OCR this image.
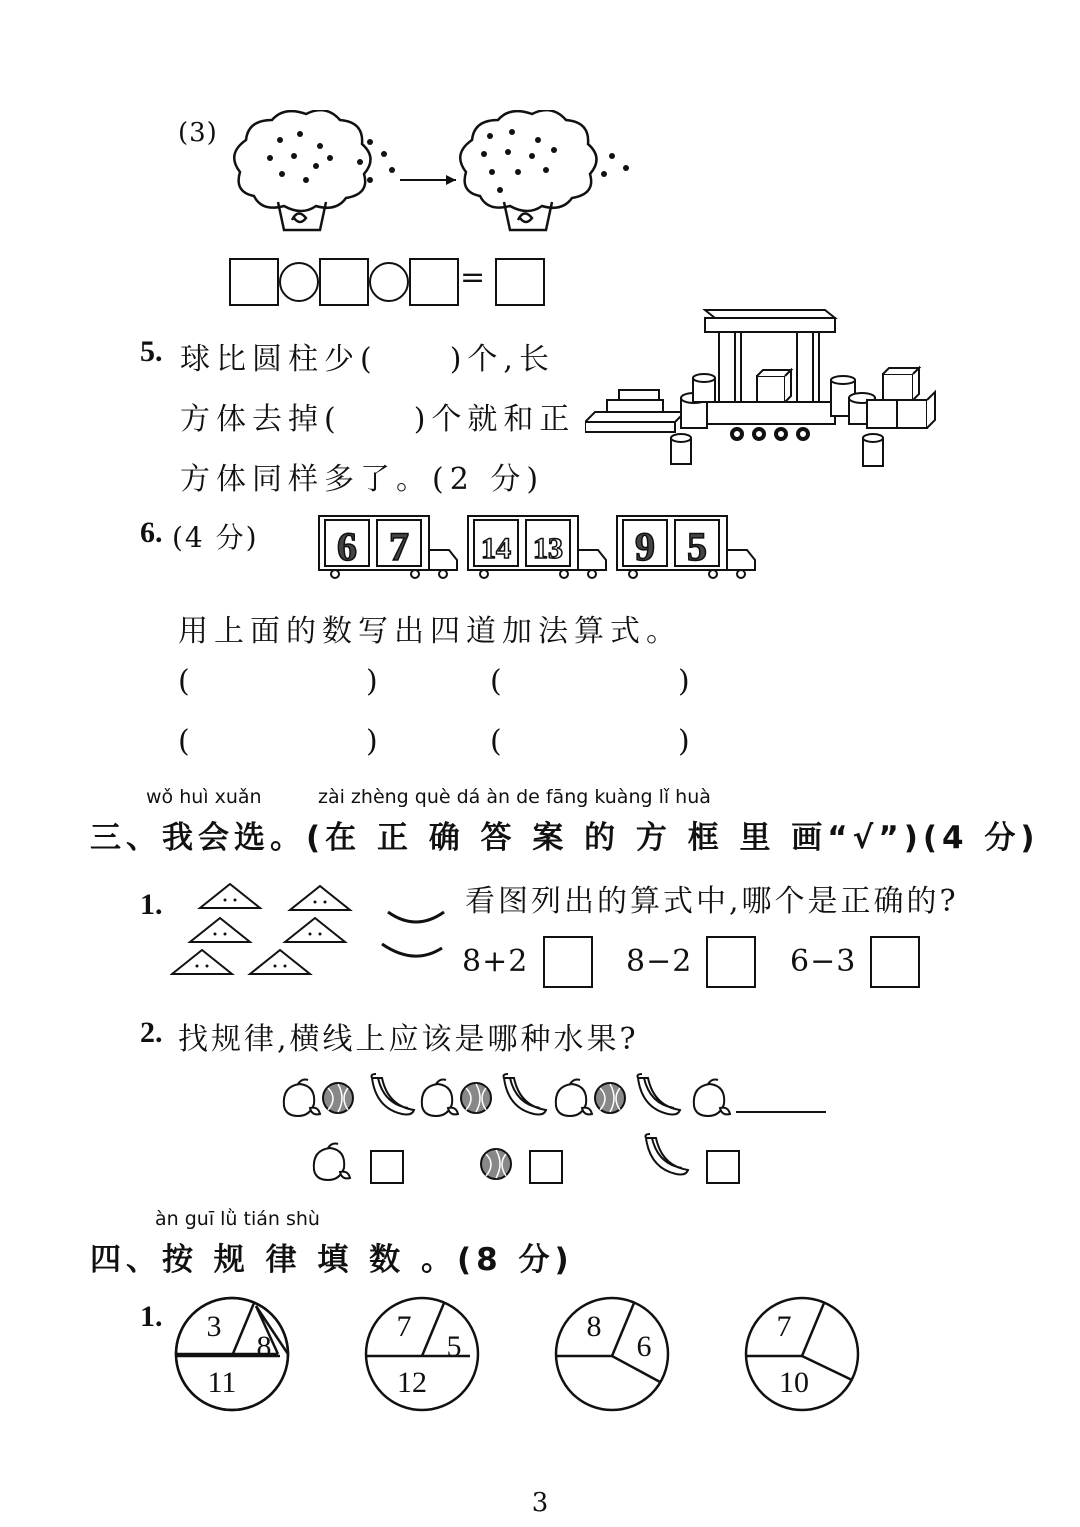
(3)
=
5. 球比圆柱少(　　)个,长
方体去掉(　　)个就和正
方体同样多了。(2 分)
6. (4 分) 6 7 14 13 9 5
用上面的数写出四道加法算式。
(	)	(	)
(	)	(	)
wǒ huì xuǎn	zài zhèng què dá àn de fāng kuàng lǐ huà
三、我会选。(在 正 确 答 案 的 方 框 里 画“√”)(4 分)
1.	看图列出的算式中,哪个是正确的?
8+2	8−2	6−3
2. 找规律,横线上应该是哪种水果?
àn guī lǜ tián shù
四、按 规 律 填 数 。(8 分)
1. 3
8
11
7
5
12
8
6
7
10
3
